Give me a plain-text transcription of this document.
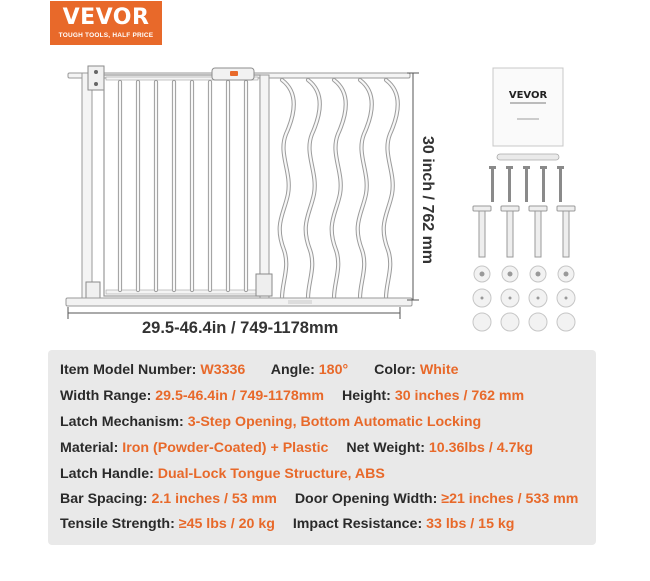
VEVOR
TOUGH TOOLS, HALF PRICE
29.5-46.4in / 749-1178mm
30 inch / 762 mm
VEVOR
Item Model Number: W3336 Angle: 180° Color: White
Width Range: 29.5-46.4in / 749-1178mm Height: 30 inches / 762 mm
Latch Mechanism: 3-Step Opening, Bottom Automatic Locking
Material: Iron (Powder-Coated) + Plastic Net Weight: 10.36lbs / 4.7kg
Latch Handle: Dual-Lock Tongue Structure, ABS
Bar Spacing: 2.1 inches / 53 mm Door Opening Width: ≥21 inches / 533 mm
Tensile Strength: ≥45 lbs / 20 kg Impact Resistance: 33 lbs / 15 kg
